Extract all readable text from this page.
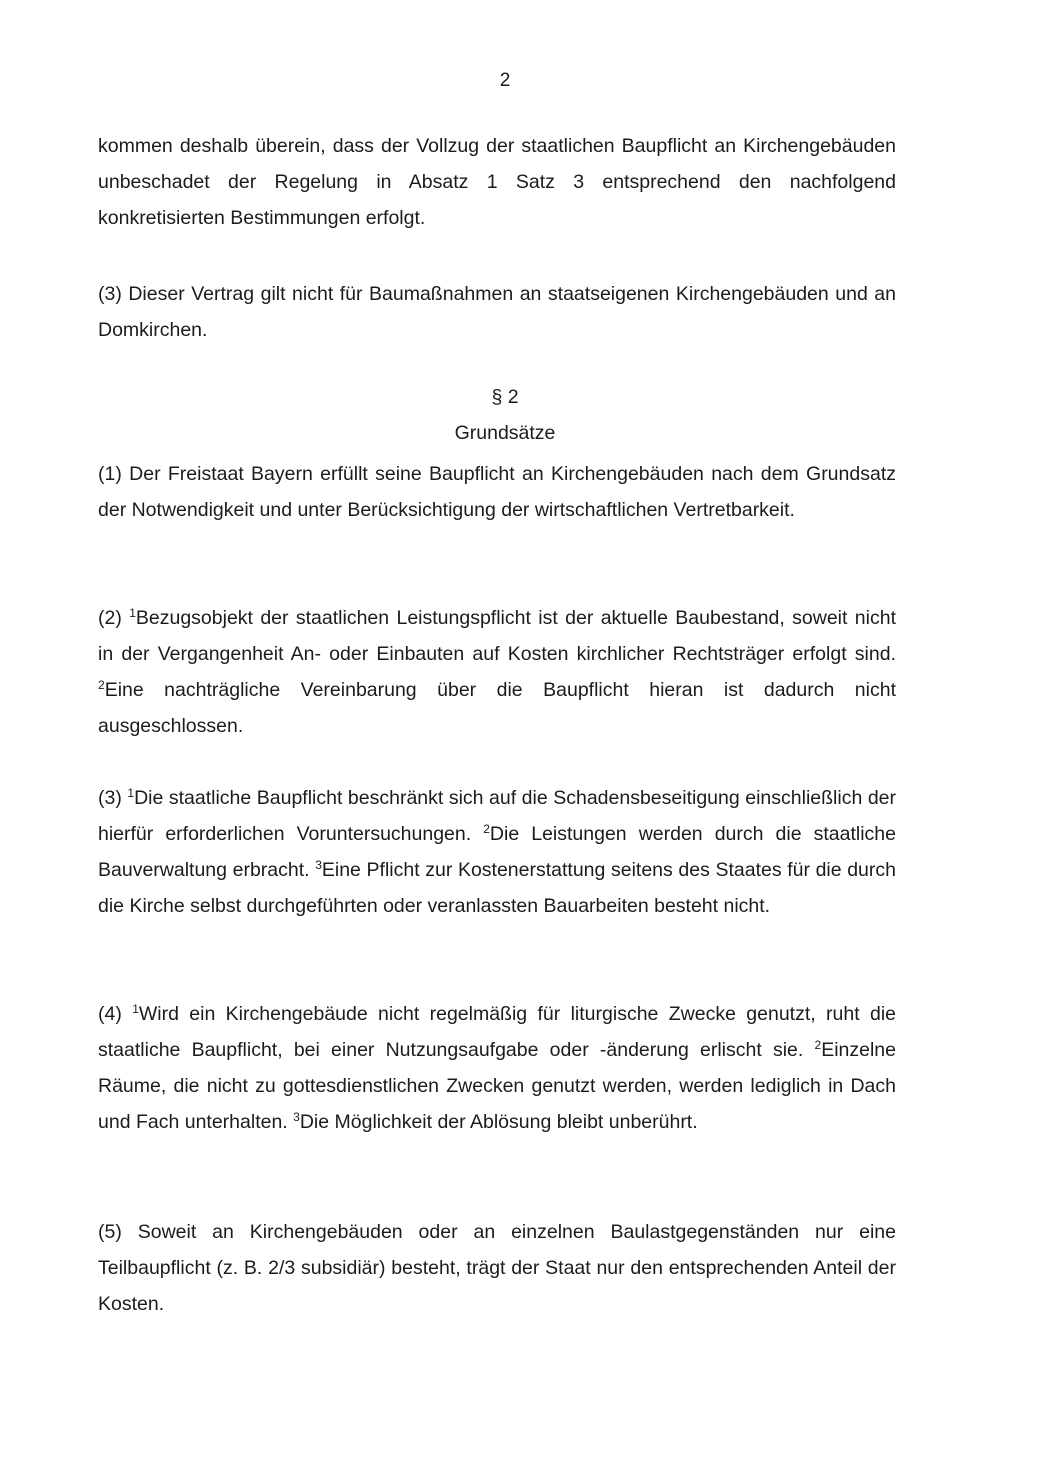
2
kommen deshalb überein, dass der Vollzug der staatlichen Baupflicht an Kirchengebäuden unbeschadet der Regelung in Absatz 1 Satz 3 entsprechend den nachfolgend konkretisierten Bestimmungen erfolgt.
(3) Dieser Vertrag gilt nicht für Baumaßnahmen an staatseigenen Kirchengebäuden und an Domkirchen.
§ 2
Grundsätze
(1) Der Freistaat Bayern erfüllt seine Baupflicht an Kirchengebäuden nach dem Grundsatz der Notwendigkeit und unter Berücksichtigung der wirtschaftlichen Vertretbarkeit.
(2) $^1$Bezugsobjekt der staatlichen Leistungspflicht ist der aktuelle Baubestand, soweit nicht in der Vergangenheit An- oder Einbauten auf Kosten kirchlicher Rechtsträger erfolgt sind. $^2$Eine nachträgliche Vereinbarung über die Baupflicht hieran ist dadurch nicht ausgeschlossen.
(3) $^1$Die staatliche Baupflicht beschränkt sich auf die Schadensbeseitigung einschließlich der hierfür erforderlichen Voruntersuchungen. $^2$Die Leistungen werden durch die staatliche Bauverwaltung erbracht. $^3$Eine Pflicht zur Kostenerstattung seitens des Staates für die durch die Kirche selbst durchgeführten oder veranlassten Bauarbeiten besteht nicht.
(4) $^1$Wird ein Kirchengebäude nicht regelmäßig für liturgische Zwecke genutzt, ruht die staatliche Baupflicht, bei einer Nutzungsaufgabe oder -änderung erlischt sie. $^2$Einzelne Räume, die nicht zu gottesdienstlichen Zwecken genutzt werden, werden lediglich in Dach und Fach unterhalten. $^3$Die Möglichkeit der Ablösung bleibt unberührt.
(5) Soweit an Kirchengebäuden oder an einzelnen Baulastgegenständen nur eine Teilbaupflicht (z. B. 2/3 subsidiär) besteht, trägt der Staat nur den entsprechenden Anteil der Kosten.
